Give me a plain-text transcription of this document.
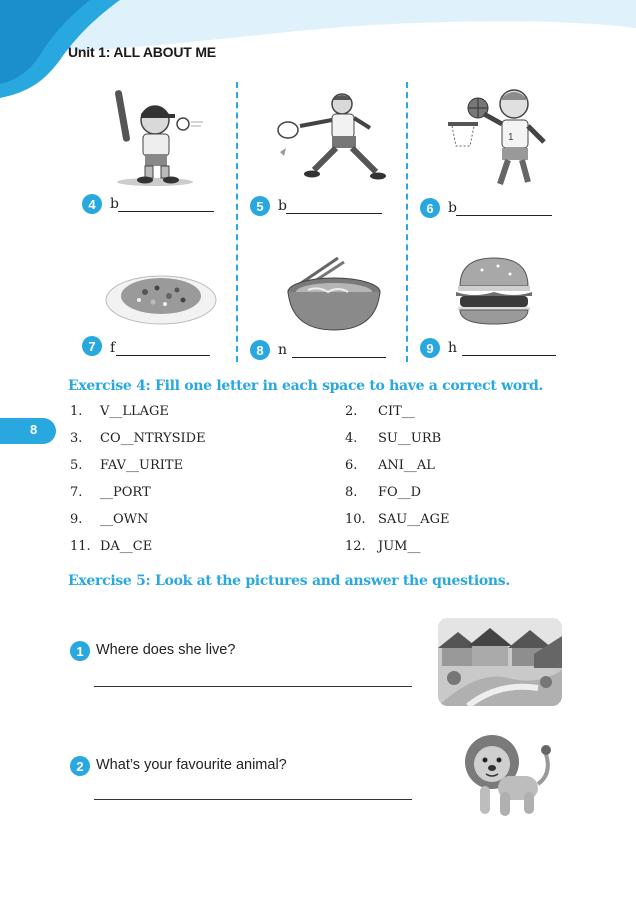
Unit 1: ALL ABOUT ME
8
1
4	b	5	b	6	b
7	f	8	n	9	h
Exercise 4: Fill one letter in each space to have a correct word.
1. V__LLAGE	2. CIT__
3. CO__NTRYSIDE	4. SU__URB
5. FAV__URITE	6. ANI__AL
7. __PORT	8. FO__D
9. __OWN	10. SAU__AGE
11. DA__CE	12. JUM__
Exercise 5: Look at the pictures and answer the questions.
1 Where does she live?
2 What’s your favourite animal?
